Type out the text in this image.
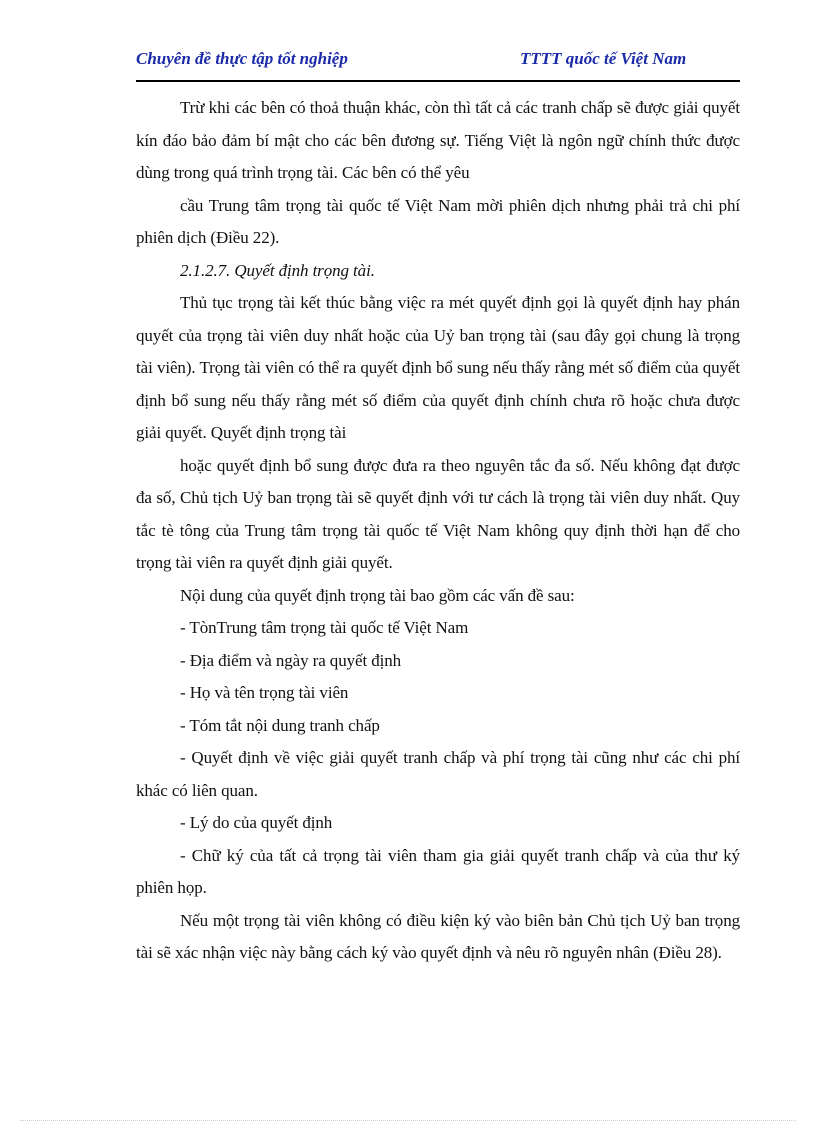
Chuyên đề thực tập tốt nghiệp	TTTT quốc tế Việt Nam

Trừ khi các bên có thoả thuận khác, còn thì tất cả các tranh chấp sẽ được giải quyết kín đáo bảo đảm bí mật cho các bên đương sự. Tiếng Việt là ngôn ngữ chính thức được dùng trong quá trình trọng tài. Các bên có thể yêu

cầu Trung tâm trọng tài quốc tế Việt Nam mời phiên dịch nhưng phải trả chi phí phiên dịch (Điều 22).

2.1.2.7. Quyết định trọng tài.

Thủ tục trọng tài kết thúc bằng việc ra mét quyết định gọi là quyết định hay phán quyết của trọng tài viên duy nhất hoặc của Uỷ ban trọng tài (sau đây gọi chung là trọng tài viên). Trọng tài viên có thể ra quyết định bổ sung nếu thấy rằng mét số điểm của quyết định bổ sung nếu thấy rằng mét số điểm của quyết định chính chưa rõ hoặc chưa được giải quyết. Quyết định trọng tài

hoặc quyết định bổ sung được đưa ra theo nguyên tắc đa số. Nếu không đạt được đa số, Chủ tịch Uỷ ban trọng tài sẽ quyết định với tư cách là trọng tài viên duy nhất. Quy tắc tè tông của Trung tâm trọng tài quốc tế Việt Nam không quy định thời hạn để cho trọng tài viên ra quyết định giải quyết.

Nội dung của quyết định trọng tài bao gồm các vấn đề sau:

- TònTrung tâm trọng tài quốc tế Việt Nam

- Địa điểm và ngày ra quyết định

- Họ và tên trọng tài viên

- Tóm tắt nội dung tranh chấp

- Quyết định về việc giải quyết tranh chấp và phí trọng tài cũng như các chi phí khác có liên quan.

- Lý do của quyết định

- Chữ ký của tất cả trọng tài viên tham gia giải quyết tranh chấp và của thư ký phiên họp.

Nếu một trọng tài viên không có điều kiện ký vào biên bản Chủ tịch Uỷ ban trọng tài sẽ xác nhận việc này bằng cách ký vào quyết định và nêu rõ nguyên nhân (Điều 28).
